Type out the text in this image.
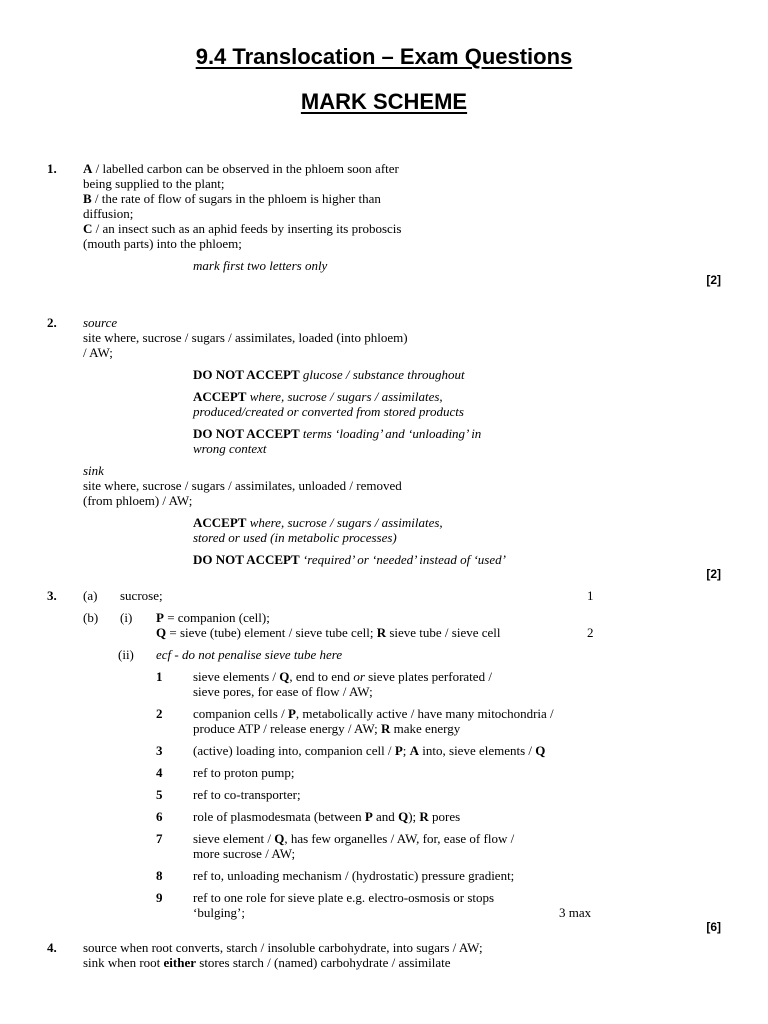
9.4 Translocation – Exam Questions
MARK SCHEME
1. A / labelled carbon can be observed in the phloem soon after
being supplied to the plant;
B / the rate of flow of sugars in the phloem is higher than
diffusion;
C / an insect such as an aphid feeds by inserting its proboscis
(mouth parts) into the phloem;
mark first two letters only
[2]
2. source
site where, sucrose / sugars / assimilates, loaded (into phloem)
/ AW;
DO NOT ACCEPT glucose / substance throughout
ACCEPT where, sucrose / sugars / assimilates,
produced/created or converted from stored products
DO NOT ACCEPT terms ‘loading’ and ‘unloading’ in
wrong context
sink
site where, sucrose / sugars / assimilates, unloaded / removed
(from phloem) / AW;
ACCEPT where, sucrose / sugars / assimilates,
stored or used (in metabolic processes)
DO NOT ACCEPT ‘required’ or ‘needed’ instead of ‘used’
[2]
3. (a) sucrose;	1
(b) (i) P = companion (cell);
Q = sieve (tube) element / sieve tube cell; R sieve tube / sieve cell	2
(ii) ecf - do not penalise sieve tube here
1 sieve elements / Q, end to end or sieve plates perforated /
sieve pores, for ease of flow / AW;
2 companion cells / P, metabolically active / have many mitochondria /
produce ATP / release energy / AW; R make energy
3 (active) loading into, companion cell / P; A into, sieve elements / Q
4 ref to proton pump;
5 ref to co-transporter;
6 role of plasmodesmata (between P and Q); R pores
7 sieve element / Q, has few organelles / AW, for, ease of flow /
more sucrose / AW;
8 ref to, unloading mechanism / (hydrostatic) pressure gradient;
9 ref to one role for sieve plate e.g. electro-osmosis or stops
‘bulging’;	3 max
[6]
4. source when root converts, starch / insoluble carbohydrate, into sugars / AW;
sink when root either stores starch / (named) carbohydrate / assimilate
